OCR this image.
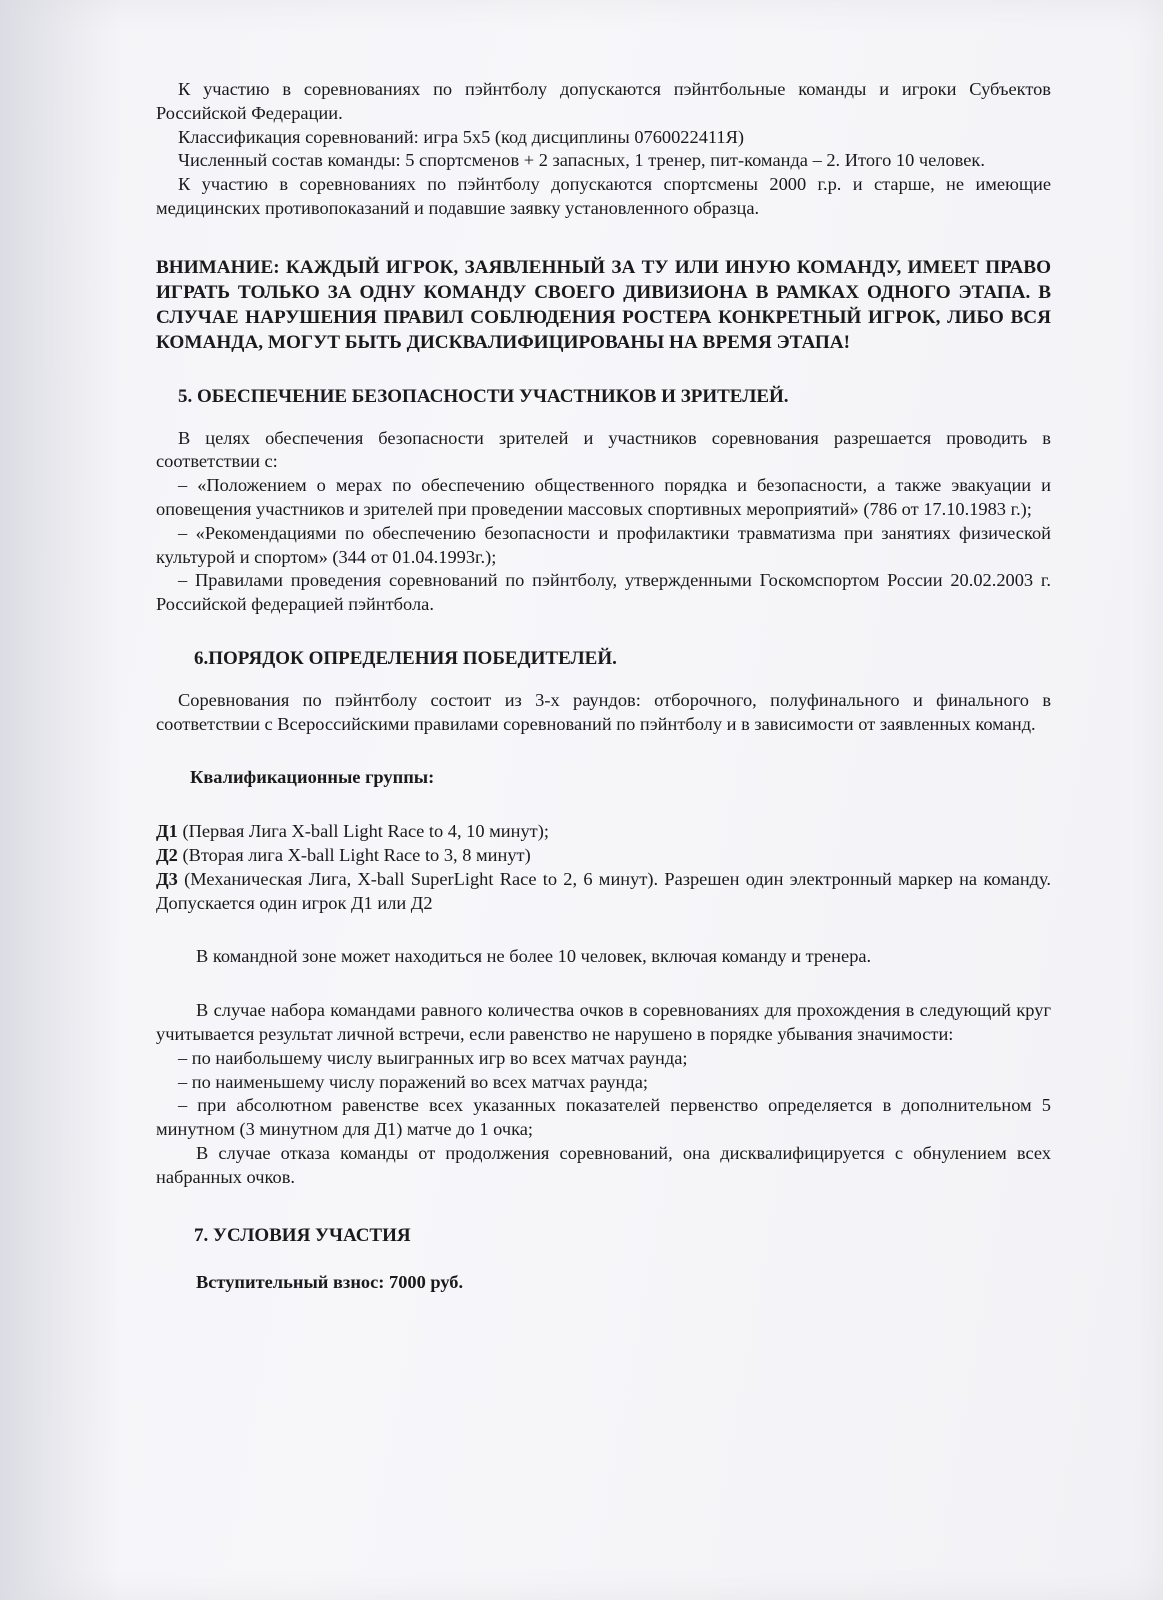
К участию в соревнованиях по пэйнтболу допускаются пэйнтбольные команды и игроки Субъектов Российской Федерации.

Классификация соревнований: игра 5х5 (код дисциплины 0760022411Я)

Численный состав команды: 5 спортсменов + 2 запасных, 1 тренер, пит-команда – 2. Итого 10 человек.

К участию в соревнованиях по пэйнтболу допускаются спортсмены 2000 г.р. и старше, не имеющие медицинских противопоказаний и подавшие заявку установленного образца.

ВНИМАНИЕ: КАЖДЫЙ ИГРОК, ЗАЯВЛЕННЫЙ ЗА ТУ ИЛИ ИНУЮ КОМАНДУ, ИМЕЕТ ПРАВО ИГРАТЬ ТОЛЬКО ЗА ОДНУ КОМАНДУ СВОЕГО ДИВИЗИОНА В РАМКАХ ОДНОГО ЭТАПА. В СЛУЧАЕ НАРУШЕНИЯ ПРАВИЛ СОБЛЮДЕНИЯ РОСТЕРА КОНКРЕТНЫЙ ИГРОК, ЛИБО ВСЯ КОМАНДА, МОГУТ БЫТЬ ДИСКВАЛИФИЦИРОВАНЫ НА ВРЕМЯ ЭТАПА!

5. ОБЕСПЕЧЕНИЕ БЕЗОПАСНОСТИ УЧАСТНИКОВ И ЗРИТЕЛЕЙ.

В целях обеспечения безопасности зрителей и участников соревнования разрешается проводить в соответствии с:

– «Положением о мерах по обеспечению общественного порядка и безопасности, а также эвакуации и оповещения участников и зрителей при проведении массовых спортивных мероприятий» (786 от 17.10.1983 г.);

– «Рекомендациями по обеспечению безопасности и профилактики травматизма при занятиях физической культурой и спортом» (344 от 01.04.1993г.);

– Правилами проведения соревнований по пэйнтболу, утвержденными Госкомспортом России 20.02.2003 г. Российской федерацией пэйнтбола.

6.ПОРЯДОК ОПРЕДЕЛЕНИЯ ПОБЕДИТЕЛЕЙ.

Соревнования по пэйнтболу состоит из 3-х раундов: отборочного, полуфинального и финального в соответствии с Всероссийскими правилами соревнований по пэйнтболу и в зависимости от заявленных команд.

Квалификационные группы:

Д1 (Первая Лига X-ball Light Race to 4, 10 минут);

Д2 (Вторая лига X-ball Light Race to 3, 8 минут)

Д3 (Механическая Лига, X-ball SuperLight Race to 2, 6 минут). Разрешен один электронный маркер на команду. Допускается один игрок Д1 или Д2

В командной зоне может находиться не более 10 человек, включая команду и тренера.

В случае набора командами равного количества очков в соревнованиях для прохождения в следующий круг учитывается результат личной встречи, если равенство не нарушено в порядке убывания значимости:

– по наибольшему числу выигранных игр во всех матчах раунда;

– по наименьшему числу поражений во всех матчах раунда;

– при абсолютном равенстве всех указанных показателей первенство определяется в дополнительном 5 минутном (3 минутном для Д1) матче до 1 очка;

В случае отказа команды от продолжения соревнований, она дисквалифицируется с обнулением всех набранных очков.

7. УСЛОВИЯ УЧАСТИЯ

Вступительный взнос: 7000 руб.
